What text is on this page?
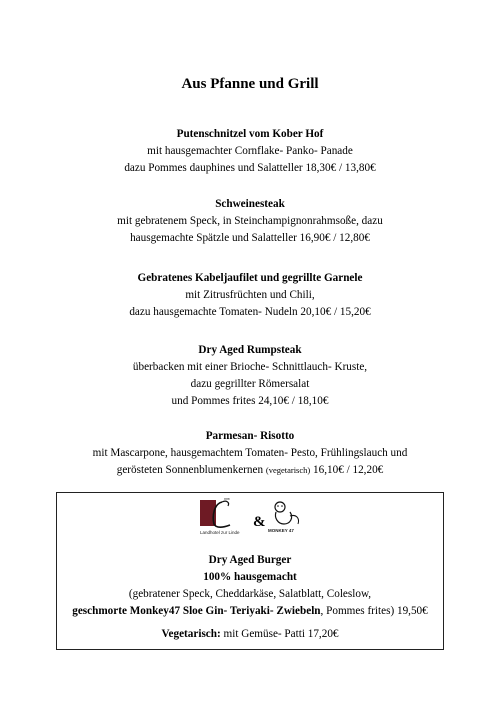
Aus Pfanne und Grill
Putenschnitzel vom Kober Hof
mit hausgemachter Cornflake- Panko- Panade
dazu Pommes dauphines und Salatteller 18,30€ / 13,80€
Schweinesteak
mit gebratenem Speck, in Steinchampignonrahmsoße, dazu
hausgemachte Spätzle und Salatteller 16,90€ / 12,80€
Gebratenes Kabeljaufilet und gegrillte Garnele
mit Zitrusfrüchten und Chili,
dazu hausgemachte Tomaten- Nudeln 20,10€ / 15,20€
Dry Aged Rumpsteak
überbacken mit einer Brioche- Schnittlauch- Kruste,
dazu gegrillter Römersalat
und Pommes frites 24,10€ / 18,10€
Parmesan- Risotto
mit Mascarpone, hausgemachtem Tomaten- Pesto, Frühlingslauch und
gerösteten Sonnenblumenkernen (vegetarisch) 16,10€ / 12,20€
***
Landhotel zur Linde
&
MONKEY 47
Dry Aged Burger
100% hausgemacht
(gebratener Speck, Cheddarkäse, Salatblatt, Coleslow,
geschmorte Monkey47 Sloe Gin- Teriyaki- Zwiebeln, Pommes frites) 19,50€
Vegetarisch: mit Gemüse- Patti 17,20€
